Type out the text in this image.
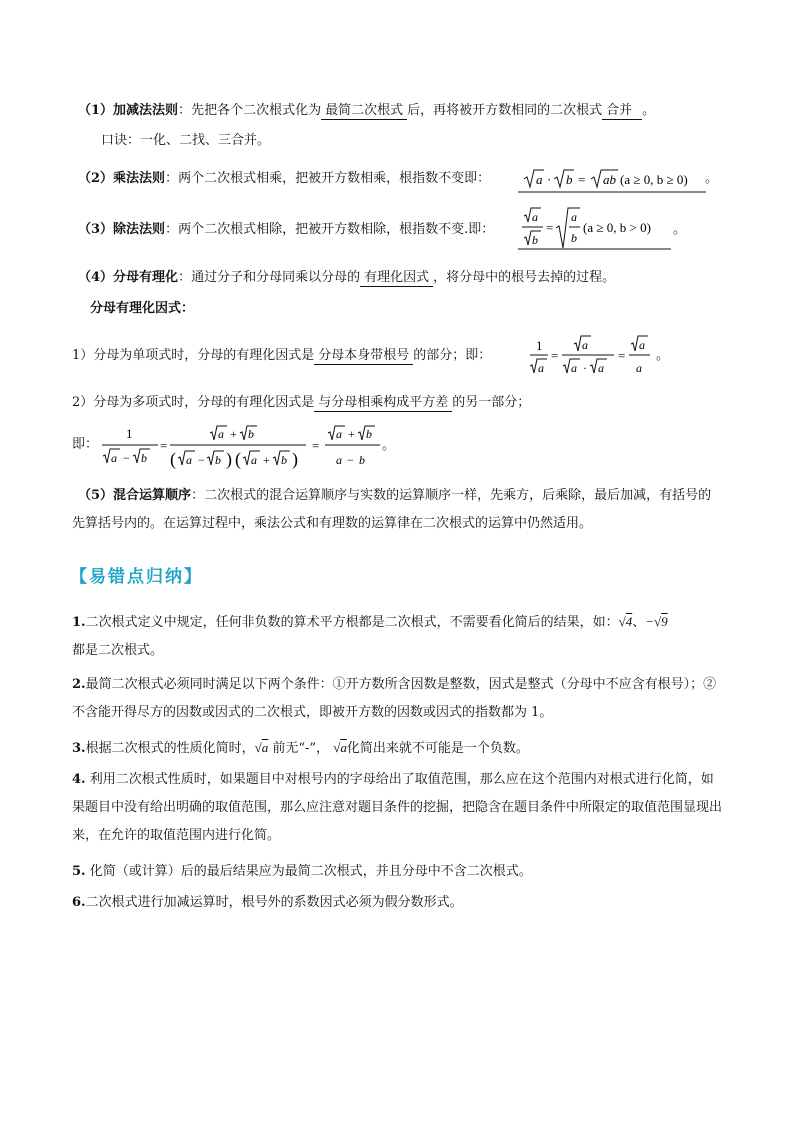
（1）加减法法则：先把各个二次根式化为 最简二次根式 后，再将被开方数相同的二次根式 合并 。
口诀：一化、二找、三合并。
（2）乘法法则：两个二次根式相乘，把被开方数相乘，根指数不变即：	a · b = ab (a ≥ 0, b ≥ 0) 。
（3）除法法则：两个二次根式相除，把被开方数相除，根指数不变.即：
a
b
=
a
b
(a ≥ 0, b > 0) 。
（4）分母有理化：通过分子和分母同乘以分母的 有理化因式 ，将分母中的根号去掉的过程。
分母有理化因式：
1）分母为单项式时，分母的有理化因式是 分母本身带根号 的部分；即：
1
a
=
a
a · a
=
a
a
。
2）分母为多项式时，分母的有理化因式是 与分母相乘构成平方差 的另一部分；
即：
1
a − b
=
a + b
( a − b ) ( a + b )
=
a + b
a − b
。
（5）混合运算顺序：二次根式的混合运算顺序与实数的运算顺序一样，先乘方，后乘除，最后加减，有括号的先算括号内的。在运算过程中，乘法公式和有理数的运算律在二次根式的运算中仍然适用。
【易错点归纳】
1.二次根式定义中规定，任何非负数的算术平方根都是二次根式，不需要看化简后的结果，如：√4、−√9
都是二次根式。
2.最简二次根式必须同时满足以下两个条件：①开方数所含因数是整数，因式是整式（分母中不应含有根号）；②不含能开得尽方的因数或因式的二次根式，即被开方数的因数或因式的指数都为 1。
3.根据二次根式的性质化简时，√a 前无“-”， √a化简出来就不可能是一个负数。
4. 利用二次根式性质时，如果题目中对根号内的字母给出了取值范围，那么应在这个范围内对根式进行化简，如果题目中没有给出明确的取值范围，那么应注意对题目条件的挖掘，把隐含在题目条件中所限定的取值范围显现出来，在允许的取值范围内进行化简。
5. 化简（或计算）后的最后结果应为最简二次根式，并且分母中不含二次根式。
6.二次根式进行加减运算时，根号外的系数因式必须为假分数形式。
